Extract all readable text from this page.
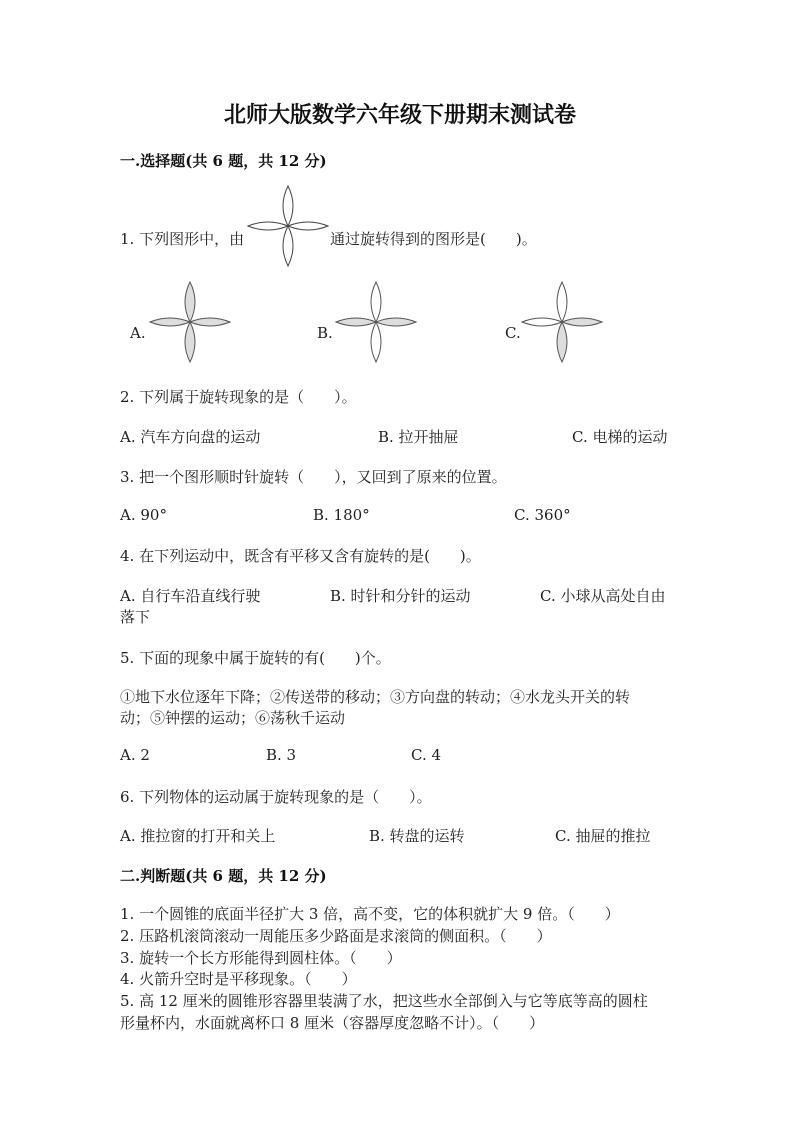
北师大版数学六年级下册期末测试卷
一.选择题(共 6 题，共 12 分)
1. 下列图形中，由	通过旋转得到的图形是(　　)。
A.	B.	C.
2. 下列属于旋转现象的是（　　）。
A. 汽车方向盘的运动	B. 拉开抽屉	C. 电梯的运动
3. 把一个图形顺时针旋转（　　），又回到了原来的位置。
A. 90°	B. 180°	C. 360°
4. 在下列运动中，既含有平移又含有旋转的是(　　)。
A. 自行车沿直线行驶	B. 时针和分针的运动	C. 小球从高处自由
落下
5. 下面的现象中属于旋转的有(　　)个。
①地下水位逐年下降；②传送带的移动；③方向盘的转动；④水龙头开关的转
动；⑤钟摆的运动；⑥荡秋千运动
A. 2	B. 3	C. 4
6. 下列物体的运动属于旋转现象的是（　　）。
A. 推拉窗的打开和关上	B. 转盘的运转	C. 抽屉的推拉
二.判断题(共 6 题，共 12 分)
1. 一个圆锥的底面半径扩大 3 倍，高不变，它的体积就扩大 9 倍。（　　）
2. 压路机滚筒滚动一周能压多少路面是求滚筒的侧面积。（　　）
3. 旋转一个长方形能得到圆柱体。（　　）
4. 火箭升空时是平移现象。（　　）
5. 高 12 厘米的圆锥形容器里装满了水，把这些水全部倒入与它等底等高的圆柱
形量杯内，水面就离杯口 8 厘米（容器厚度忽略不计）。（　　）
